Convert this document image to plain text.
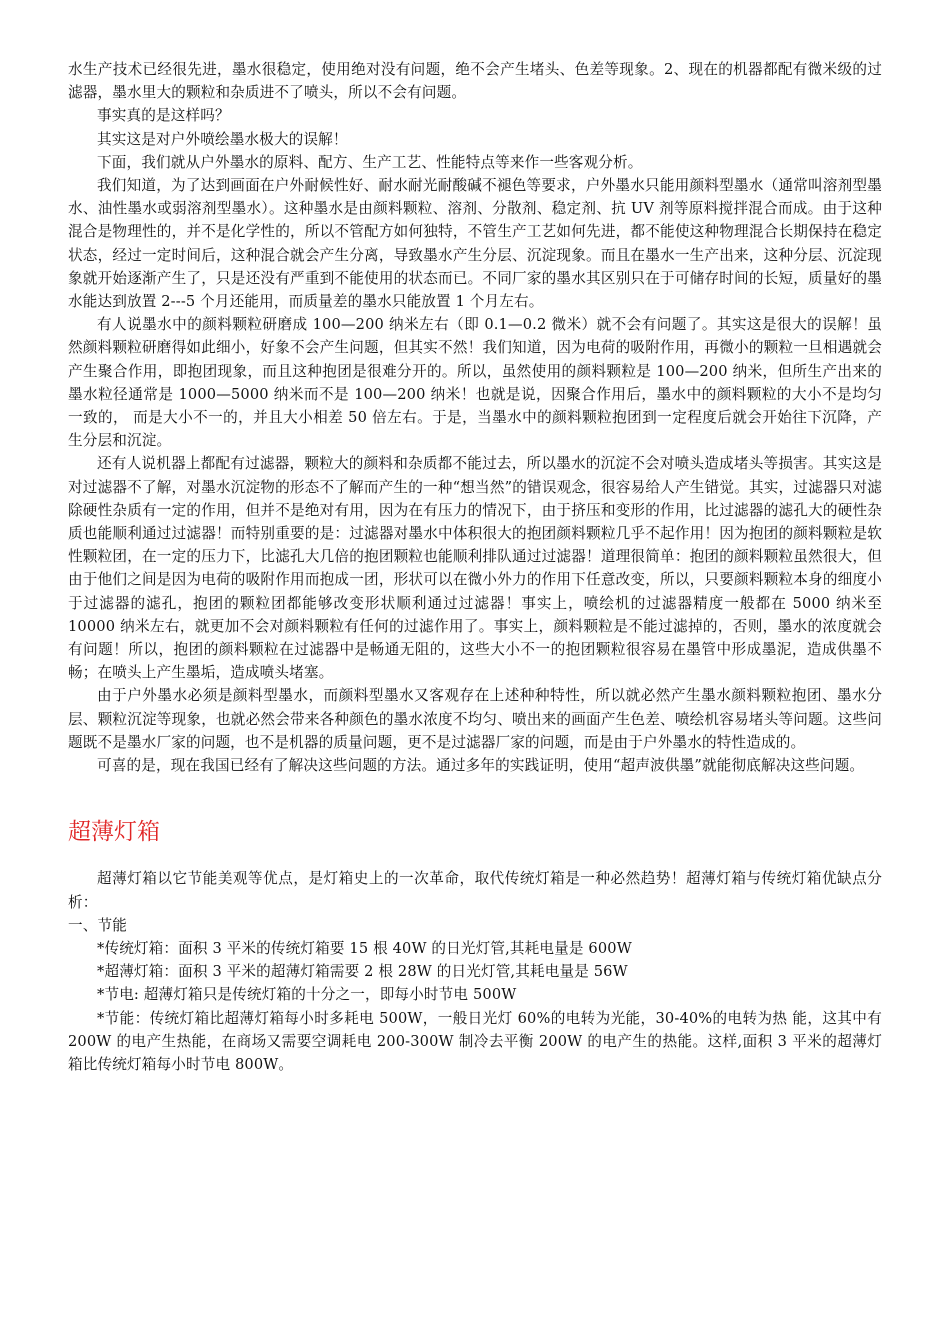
水生产技术已经很先进，墨水很稳定，使用绝对没有问题，绝不会产生堵头、色差等现象。2、现在的机器都配有微米级的过滤器，墨水里大的颗粒和杂质进不了喷头，所以不会有问题。

事实真的是这样吗？

其实这是对户外喷绘墨水极大的误解！

下面，我们就从户外墨水的原料、配方、生产工艺、性能特点等来作一些客观分析。

我们知道，为了达到画面在户外耐候性好、耐水耐光耐酸碱不褪色等要求，户外墨水只能用颜料型墨水（通常叫溶剂型墨水、油性墨水或弱溶剂型墨水）。这种墨水是由颜料颗粒、溶剂、分散剂、稳定剂、抗 UV 剂等原料搅拌混合而成。由于这种混合是物理性的，并不是化学性的，所以不管配方如何独特，不管生产工艺如何先进，都不能使这种物理混合长期保持在稳定状态，经过一定时间后，这种混合就会产生分离，导致墨水产生分层、沉淀现象。而且在墨水一生产出来，这种分层、沉淀现象就开始逐渐产生了，只是还没有严重到不能使用的状态而已。不同厂家的墨水其区别只在于可储存时间的长短，质量好的墨水能达到放置 2---5 个月还能用，而质量差的墨水只能放置 1 个月左右。

有人说墨水中的颜料颗粒研磨成 100—200 纳米左右（即 0.1—0.2 微米）就不会有问题了。其实这是很大的误解！虽然颜料颗粒研磨得如此细小，好象不会产生问题，但其实不然！我们知道，因为电荷的吸附作用，再微小的颗粒一旦相遇就会产生聚合作用，即抱团现象，而且这种抱团是很难分开的。所以，虽然使用的颜料颗粒是 100—200 纳米，但所生产出来的墨水粒径通常是 1000—5000 纳米而不是 100—200 纳米！也就是说，因聚合作用后，墨水中的颜料颗粒的大小不是均匀一致的， 而是大小不一的，并且大小相差 50 倍左右。于是，当墨水中的颜料颗粒抱团到一定程度后就会开始往下沉降，产生分层和沉淀。

还有人说机器上都配有过滤器，颗粒大的颜料和杂质都不能过去，所以墨水的沉淀不会对喷头造成堵头等损害。其实这是对过滤器不了解，对墨水沉淀物的形态不了解而产生的一种“想当然”的错误观念，很容易给人产生错觉。其实，过滤器只对滤除硬性杂质有一定的作用，但并不是绝对有用，因为在有压力的情况下，由于挤压和变形的作用，比过滤器的滤孔大的硬性杂质也能顺利通过过滤器！而特别重要的是：过滤器对墨水中体积很大的抱团颜料颗粒几乎不起作用！因为抱团的颜料颗粒是软性颗粒团，在一定的压力下，比滤孔大几倍的抱团颗粒也能顺利排队通过过滤器！道理很简单：抱团的颜料颗粒虽然很大，但由于他们之间是因为电荷的吸附作用而抱成一团，形状可以在微小外力的作用下任意改变，所以，只要颜料颗粒本身的细度小于过滤器的滤孔，抱团的颗粒团都能够改变形状顺利通过过滤器！事实上，喷绘机的过滤器精度一般都在 5000 纳米至 10000 纳米左右，就更加不会对颜料颗粒有任何的过滤作用了。事实上，颜料颗粒是不能过滤掉的，否则，墨水的浓度就会有问题！所以，抱团的颜料颗粒在过滤器中是畅通无阻的，这些大小不一的抱团颗粒很容易在墨管中形成墨泥，造成供墨不畅；在喷头上产生墨垢，造成喷头堵塞。

由于户外墨水必须是颜料型墨水，而颜料型墨水又客观存在上述种种特性，所以就必然产生墨水颜料颗粒抱团、墨水分层、颗粒沉淀等现象，也就必然会带来各种颜色的墨水浓度不均匀、喷出来的画面产生色差、喷绘机容易堵头等问题。这些问题既不是墨水厂家的问题，也不是机器的质量问题，更不是过滤器厂家的问题，而是由于户外墨水的特性造成的。

可喜的是，现在我国已经有了解决这些问题的方法。通过多年的实践证明，使用“超声波供墨”就能彻底解决这些问题。

超薄灯箱

超薄灯箱以它节能美观等优点，是灯箱史上的一次革命，取代传统灯箱是一种必然趋势！超薄灯箱与传统灯箱优缺点分析：

一、节能

*传统灯箱：面积 3 平米的传统灯箱要 15 根 40W 的日光灯管,其耗电量是 600W

*超薄灯箱：面积 3 平米的超薄灯箱需要 2 根 28W 的日光灯管,其耗电量是 56W

*节电: 超薄灯箱只是传统灯箱的十分之一，即每小时节电 500W

*节能：传统灯箱比超薄灯箱每小时多耗电 500W，一般日光灯 60%的电转为光能，30-40%的电转为热 能，这其中有 200W 的电产生热能，在商场又需要空调耗电 200-300W 制冷去平衡 200W 的电产生的热能。这样,面积 3 平米的超薄灯箱比传统灯箱每小时节电 800W。
